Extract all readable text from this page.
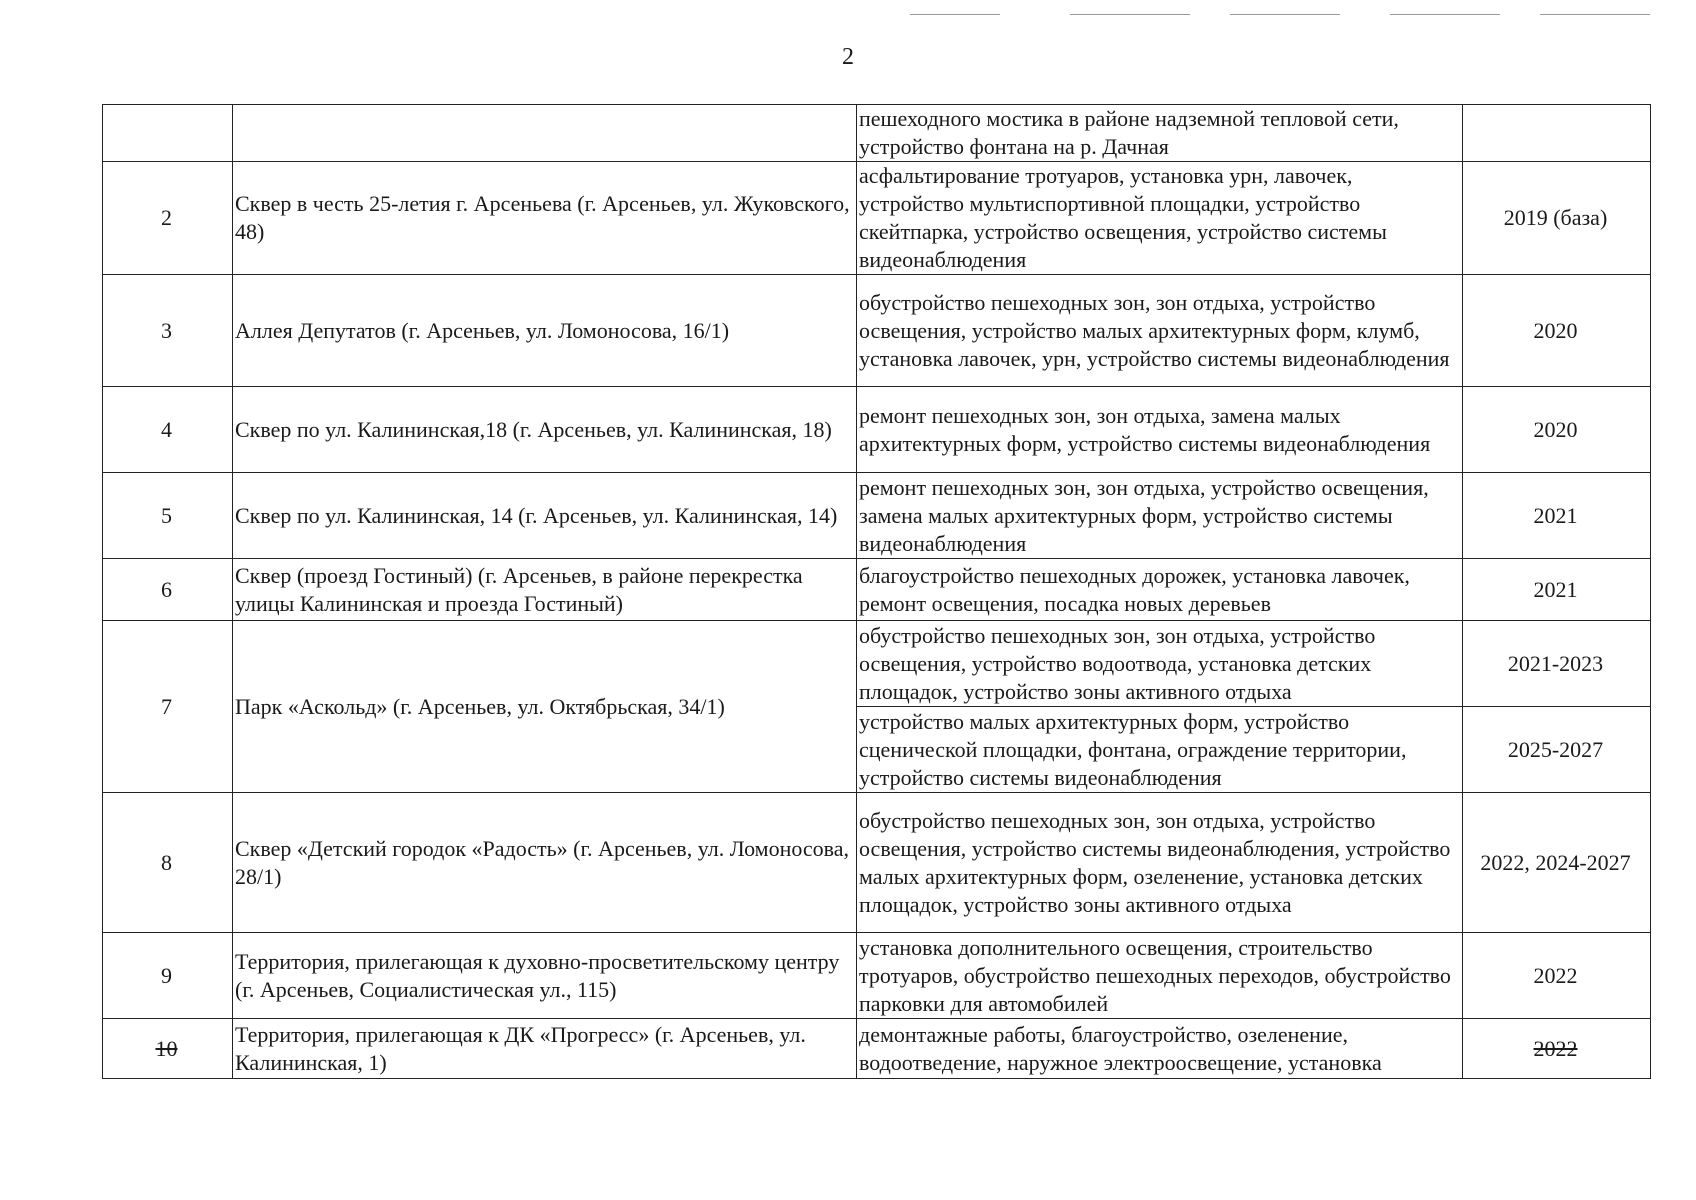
2
		пешеходного мостика в районе надземной тепловой сети, устройство фонтана на р. Дачная	
2	Сквер в честь 25-летия г. Арсеньева (г. Арсеньев, ул. Жуковского, 48)	асфальтирование тротуаров, установка урн, лавочек, устройство мультиспортивной площадки, устройство скейтпарка, устройство освещения, устройство системы видеонаблюдения	2019 (база)
3	Аллея Депутатов (г. Арсеньев, ул. Ломоносова, 16/1)	обустройство пешеходных зон, зон отдыха, устройство освещения, устройство малых архитектурных форм, клумб, установка лавочек, урн, устройство системы видеонаблюдения	2020
4	Сквер по ул. Калининская,18 (г. Арсеньев, ул. Калининская, 18)	ремонт пешеходных зон, зон отдыха, замена малых архитектурных форм, устройство системы видеонаблюдения	2020
5	Сквер по ул. Калининская, 14 (г. Арсеньев, ул. Калининская, 14)	ремонт пешеходных зон, зон отдыха, устройство освещения, замена малых архитектурных форм, устройство системы видеонаблюдения	2021
6	Сквер (проезд Гостиный) (г. Арсеньев, в районе перекрестка улицы Калининская и проезда Гостиный)	благоустройство пешеходных дорожек, установка лавочек, ремонт освещения, посадка новых деревьев	2021
7	Парк «Аскольд» (г. Арсеньев, ул. Октябрьская, 34/1)	обустройство пешеходных зон, зон отдыха, устройство освещения, устройство водоотвода, установка детских площадок, устройство зоны активного отдыха	2021-2023
		устройство малых архитектурных форм, устройство сценической площадки, фонтана, ограждение территории, устройство системы видеонаблюдения	2025-2027
8	Сквер «Детский городок «Радость» (г. Арсеньев, ул. Ломоносова, 28/1)	обустройство пешеходных зон, зон отдыха, устройство освещения, устройство системы видеонаблюдения, устройство малых архитектурных форм, озеленение, установка детских площадок, устройство зоны активного отдыха	2022, 2024-2027
9	Территория, прилегающая к духовно-просветительскому центру (г. Арсеньев, Социалистическая ул., 115)	установка дополнительного освещения, строительство тротуаров, обустройство пешеходных переходов, обустройство парковки для автомобилей	2022
10	Территория, прилегающая к ДК «Прогресс» (г. Арсеньев, ул. Калининская, 1)	демонтажные работы, благоустройство, озеленение, водоотведение, наружное электроосвещение, установка	2022
